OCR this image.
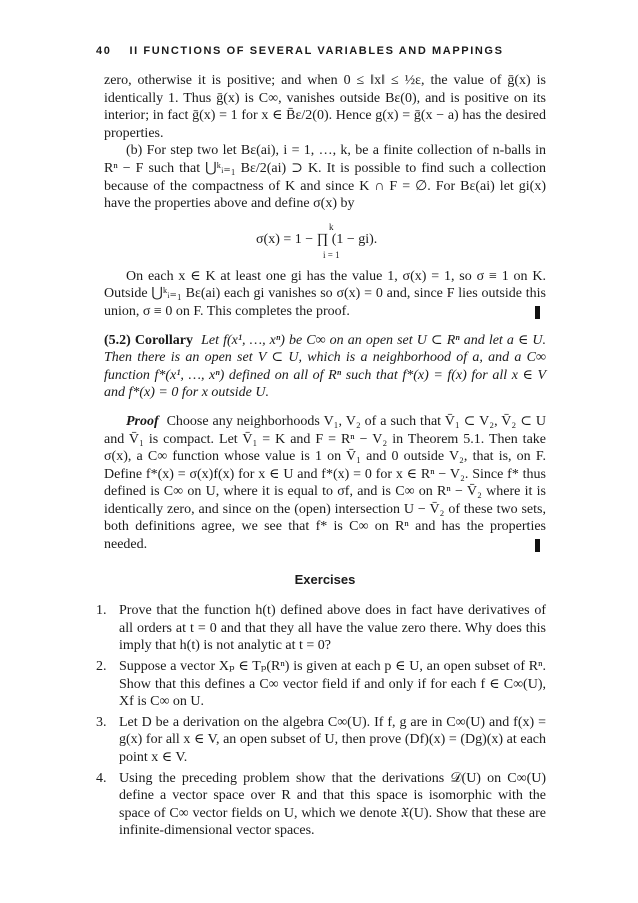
40 II FUNCTIONS OF SEVERAL VARIABLES AND MAPPINGS

zero, otherwise it is positive; and when 0 ≤ ‖x‖ ≤ ½ε, the value of ḡ(x) is identically 1. Thus ḡ(x) is C∞, vanishes outside Bε(0), and is positive on its interior; in fact ḡ(x) = 1 for x ∈ B̄ε/2(0). Hence g(x) = ḡ(x − a) has the desired properties.

(b) For step two let Bε(ai), i = 1, …, k, be a finite collection of n-balls in Rⁿ − F such that ⋃ᵏᵢ₌₁ Bε/2(ai) ⊃ K. It is possible to find such a collection because of the compactness of K and since K ∩ F = ∅. For Bε(ai) let gi(x) have the properties above and define σ(x) by

k
σ(x) = 1 − ∏ (1 − gi).
i = 1

On each x ∈ K at least one gi has the value 1, σ(x) = 1, so σ ≡ 1 on K. Outside ⋃ᵏᵢ₌₁ Bε(ai) each gi vanishes so σ(x) = 0 and, since F lies outside this union, σ ≡ 0 on F. This completes the proof.

(5.2) Corollary Let f(x¹, …, xⁿ) be C∞ on an open set U ⊂ Rⁿ and let a ∈ U. Then there is an open set V ⊂ U, which is a neighborhood of a, and a C∞ function f*(x¹, …, xⁿ) defined on all of Rⁿ such that f*(x) = f(x) for all x ∈ V and f*(x) = 0 for x outside U.

Proof Choose any neighborhoods V₁, V₂ of a such that V̄₁ ⊂ V₂, V̄₂ ⊂ U and V̄₁ is compact. Let V̄₁ = K and F = Rⁿ − V₂ in Theorem 5.1. Then take σ(x), a C∞ function whose value is 1 on V̄₁ and 0 outside V₂, that is, on F. Define f*(x) = σ(x)f(x) for x ∈ U and f*(x) = 0 for x ∈ Rⁿ − V₂. Since f* thus defined is C∞ on U, where it is equal to σf, and is C∞ on Rⁿ − V̄₂ where it is identically zero, and since on the (open) intersection U − V̄₂ of these two sets, both definitions agree, we see that f* is C∞ on Rⁿ and has the properties needed.

Exercises
1. Prove that the function h(t) defined above does in fact have derivatives of all orders at t = 0 and that they all have the value zero there. Why does this imply that h(t) is not analytic at t = 0?
2. Suppose a vector Xₚ ∈ Tₚ(Rⁿ) is given at each p ∈ U, an open subset of Rⁿ. Show that this defines a C∞ vector field if and only if for each f ∈ C∞(U), Xf is C∞ on U.
3. Let D be a derivation on the algebra C∞(U). If f, g are in C∞(U) and f(x) = g(x) for all x ∈ V, an open subset of U, then prove (Df)(x) = (Dg)(x) at each point x ∈ V.
4. Using the preceding problem show that the derivations 𝒟(U) on C∞(U) define a vector space over R and that this space is isomorphic with the space of C∞ vector fields on U, which we denote 𝔛(U). Show that these are infinite-dimensional vector spaces.
